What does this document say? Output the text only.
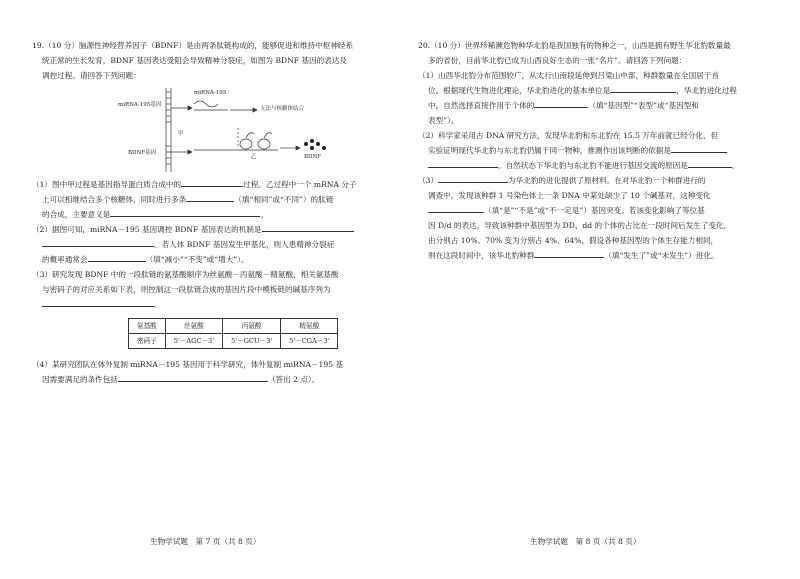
19.（10 分）脑源性神经营养因子（BDNF）是由两条肽链构成的，能够促进和维持中枢神经系

统正常的生长发育，BDNF 基因表达受阻会导致精神分裂症，如图为 BDNF 基因的表达及

调控过程。请回答下列问题：

miRNA-195基因
miRNA-195
甲
无法与核糖体结合
BDNF基因
乙	BDNF

（1）图中甲过程是基因指导蛋白质合成中的	过程。乙过程中一个 mRNA 分子

上可以相继结合多个核糖体，同时进行多条	（填“相同”或“不同”）的肽链

的合成，主要意义是	。

（2）据图可知，miRNA－195 基因调控 BDNF 基因表达的机制是

。若人体 BDNF 基因发生甲基化，则人患精神分裂症

的概率通常会	（填“减小”“不变”或“增大”）。

（3）研究发现 BDNF 中的一段肽链的氨基酸顺序为丝氨酸－丙氨酸－精氨酸，相关氨基酸

与密码子的对应关系如下表，则控制这一段肽链合成的基因片段中模板链的碱基序列为

。

氨基酸	丝氨酸	丙氨酸	精氨酸
密码子	5'－AGC－3'	5'－GCU－3'	5'－CGA－3'

（4）某研究团队在体外复制 miRNA－195 基因用于科学研究，体外复制 miRNA－195 基

因需要满足的条件包括	（答出 2 点）。

20.（10 分）世界珍稀濒危物种华北豹是我国独有的物种之一，山西是拥有野生华北豹数量最

多的省份，目前华北豹已成为山西良好生态的一张“名片”。请回答下列问题：

（1）山西华北豹分布范围较广，从太行山南段延伸到吕梁山中部，种群数量在全国居于首

位。根据现代生物进化理论，华北豹进化的基本单位是	，华北豹进化过程

中，自然选择直接作用于个体的	（填“基因型”“表型”或“基因型和

表型”）。

（2）科学家采用古 DNA 研究方法，发现华北豹和东北豹在 15.5 万年前就已经分化，但

实验证明现代华北豹与东北豹仍属于同一物种，推测作出该判断的依据是

。自然状态下华北豹与东北豹不能进行基因交流的原因是	。

（3）	为华北豹的进化提供了原材料。在对华北豹一个种群进行的

调查中，发现该种群 1 号染色体上一条 DNA 中某处缺少了 10 个碱基对，这种变化

（填“是”“不是”或“不一定是”）基因突变。若该变化影响了等位基

因 D/d 的表达，导致该种群中基因型为 DD、dd 的个体的占比在一段时间后发生了变化，

由分别占 10%、70% 变为分别占 4%、64%，假设各种基因型的个体生存能力相同，

则在这段时间中，该华北豹种群	（填“发生了”或“未发生”）进化。

生物学试题　第 7 页（共 8 页）	生物学试题　第 8 页（共 8 页）
